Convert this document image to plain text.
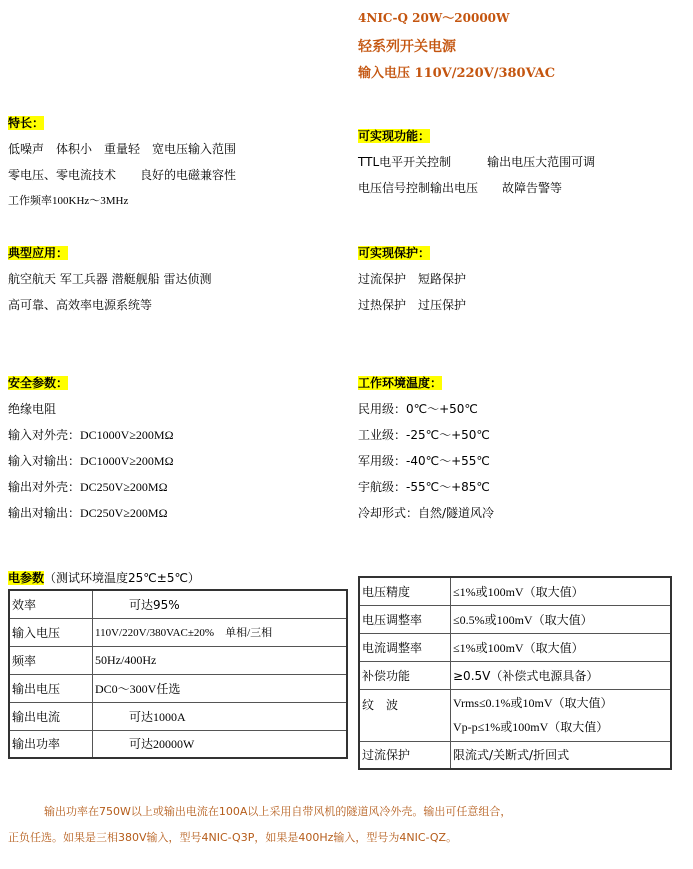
4NIC-Q 20W～20000W
轻系列开关电源
输入电压 110V/220V/380VAC
特长：
低噪声　体积小　重量轻　宽电压输入范围
零电压、零电流技术　　良好的电磁兼容性
工作频率100KHz～3MHz
可实现功能：
TTL电平开关控制　　　输出电压大范围可调
电压信号控制输出电压　　故障告警等
典型应用：
航空航天 军工兵器 潜艇舰船 雷达侦测
高可靠、高效率电源系统等
可实现保护：
过流保护　短路保护
过热保护　过压保护
安全参数：
绝缘电阻
输入对外壳：DC1000V≥200MΩ
输入对输出：DC1000V≥200MΩ
输出对外壳：DC250V≥200MΩ
输出对输出：DC250V≥200MΩ
工作环境温度：
民用级：0℃～+50℃
工业级：-25℃～+50℃
军用级：-40℃～+55℃
宇航级：-55℃～+85℃
冷却形式：自然/隧道风冷
电参数（测试环境温度25℃±5℃）
效率	可达95%
输入电压	110V/220V/380VAC±20%　单相/三相
频率	50Hz/400Hz
输出电压	DC0～300V任选
输出电流	可达1000A
输出功率	可达20000W
电压精度	≤1%或100mV（取大值）
电压调整率	≤0.5%或100mV（取大值）
电流调整率	≤1%或100mV（取大值）
补偿功能	≥0.5V（补偿式电源具备）
纹　波	Vrms≤0.1%或10mV（取大值）
Vp-p≤1%或100mV（取大值）

过流保护	限流式/关断式/折回式
输出功率在750W以上或输出电流在100A以上采用自带风机的隧道风冷外壳。输出可任意组合，
正负任选。如果是三相380V输入，型号4NIC-Q3P，如果是400Hz输入，型号为4NIC-QZ。
